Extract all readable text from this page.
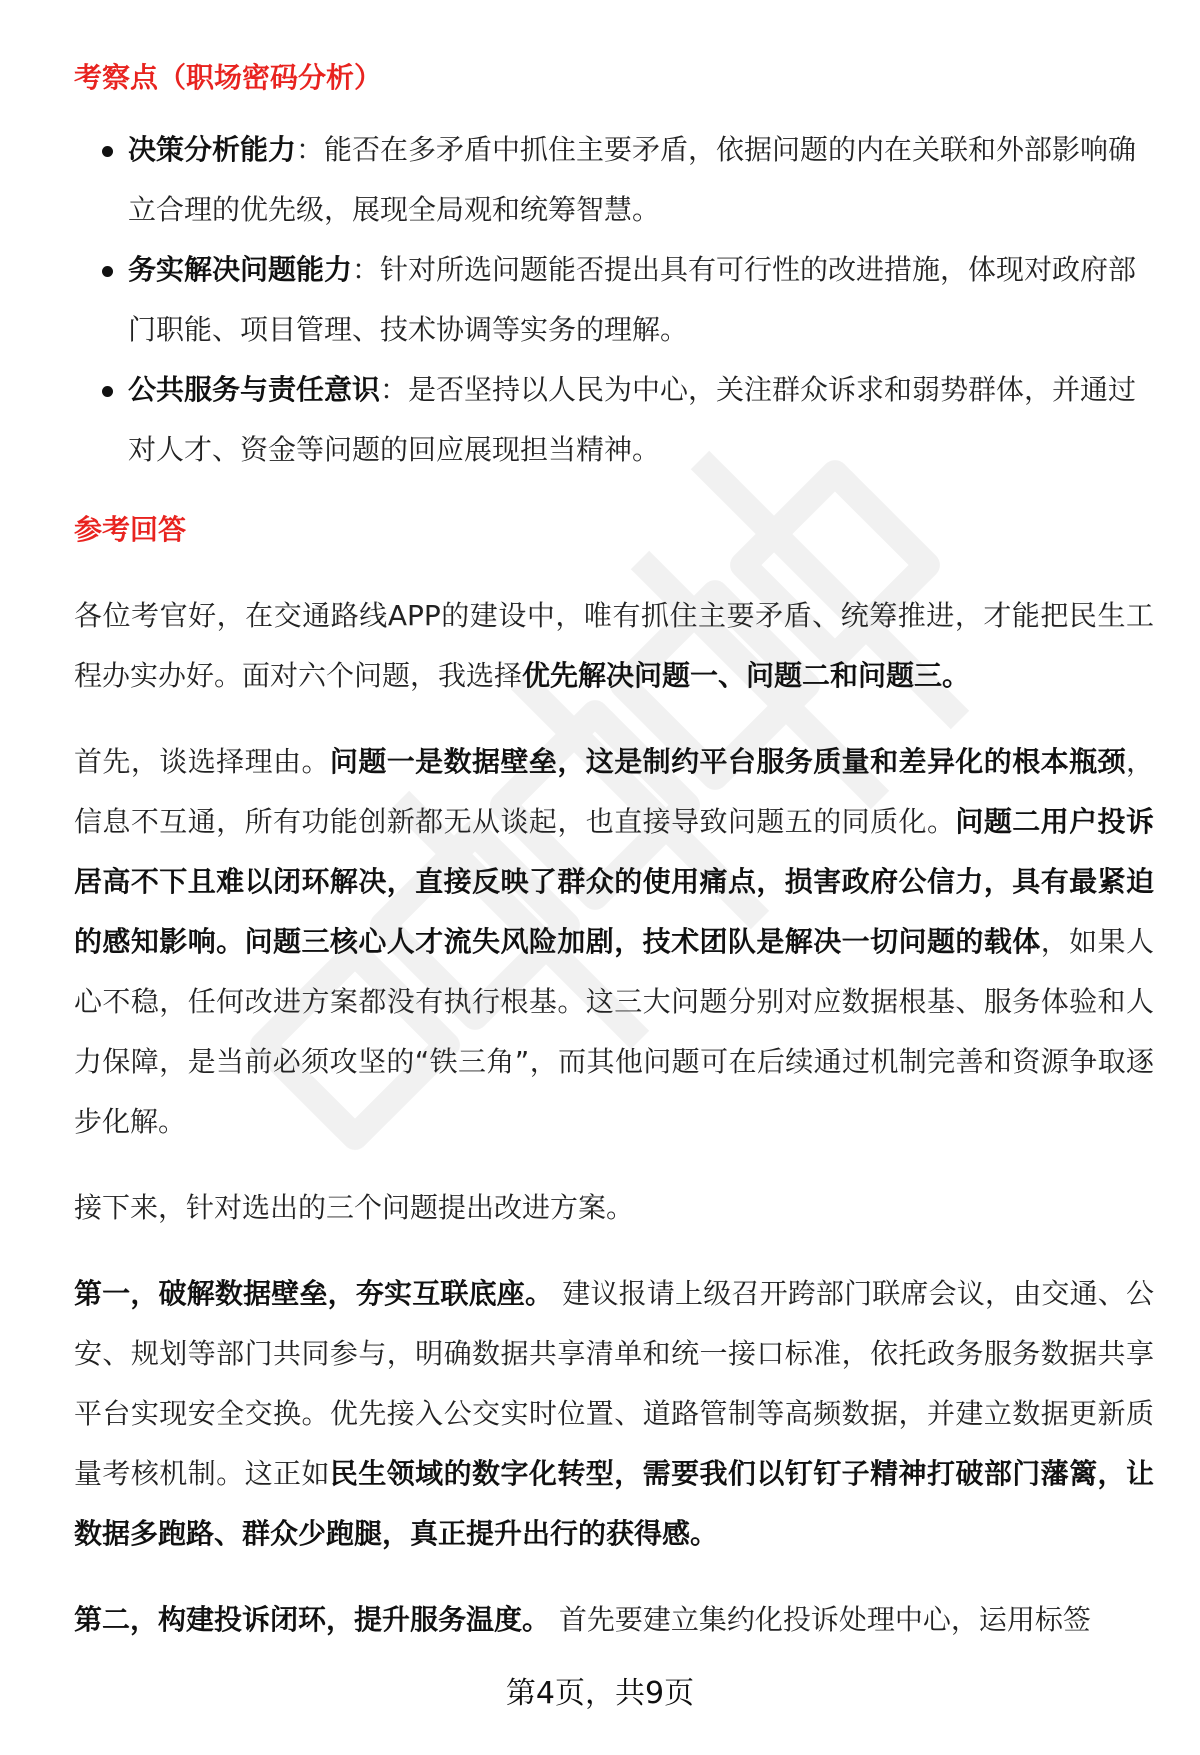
考察点（职场密码分析）
决策分析能力：能否在多矛盾中抓住主要矛盾，依据问题的内在关联和外部影响确立合理的优先级，展现全局观和统筹智慧。
务实解决问题能力：针对所选问题能否提出具有可行性的改进措施，体现对政府部门职能、项目管理、技术协调等实务的理解。
公共服务与责任意识：是否坚持以人民为中心，关注群众诉求和弱势群体，并通过对人才、资金等问题的回应展现担当精神。
参考回答

各位考官好，在交通路线APP的建设中，唯有抓住主要矛盾、统筹推进，才能把民生工程办实办好。面对六个问题，我选择优先解决问题一、问题二和问题三。

首先，谈选择理由。问题一是数据壁垒，这是制约平台服务质量和差异化的根本瓶颈，信息不互通，所有功能创新都无从谈起，也直接导致问题五的同质化。问题二用户投诉居高不下且难以闭环解决，直接反映了群众的使用痛点，损害政府公信力，具有最紧迫的感知影响。问题三核心人才流失风险加剧，技术团队是解决一切问题的载体，如果人心不稳，任何改进方案都没有执行根基。这三大问题分别对应数据根基、服务体验和人力保障，是当前必须攻坚的“铁三角”，而其他问题可在后续通过机制完善和资源争取逐步化解。

接下来，针对选出的三个问题提出改进方案。

第一，破解数据壁垒，夯实互联底座。 建议报请上级召开跨部门联席会议，由交通、公安、规划等部门共同参与，明确数据共享清单和统一接口标准，依托政务服务数据共享平台实现安全交换。优先接入公交实时位置、道路管制等高频数据，并建立数据更新质量考核机制。这正如民生领域的数字化转型，需要我们以钉钉子精神打破部门藩篱，让数据多跑路、群众少跑腿，真正提升出行的获得感。

第二，构建投诉闭环，提升服务温度。 首先要建立集约化投诉处理中心，运用标签

第4页，共9页
